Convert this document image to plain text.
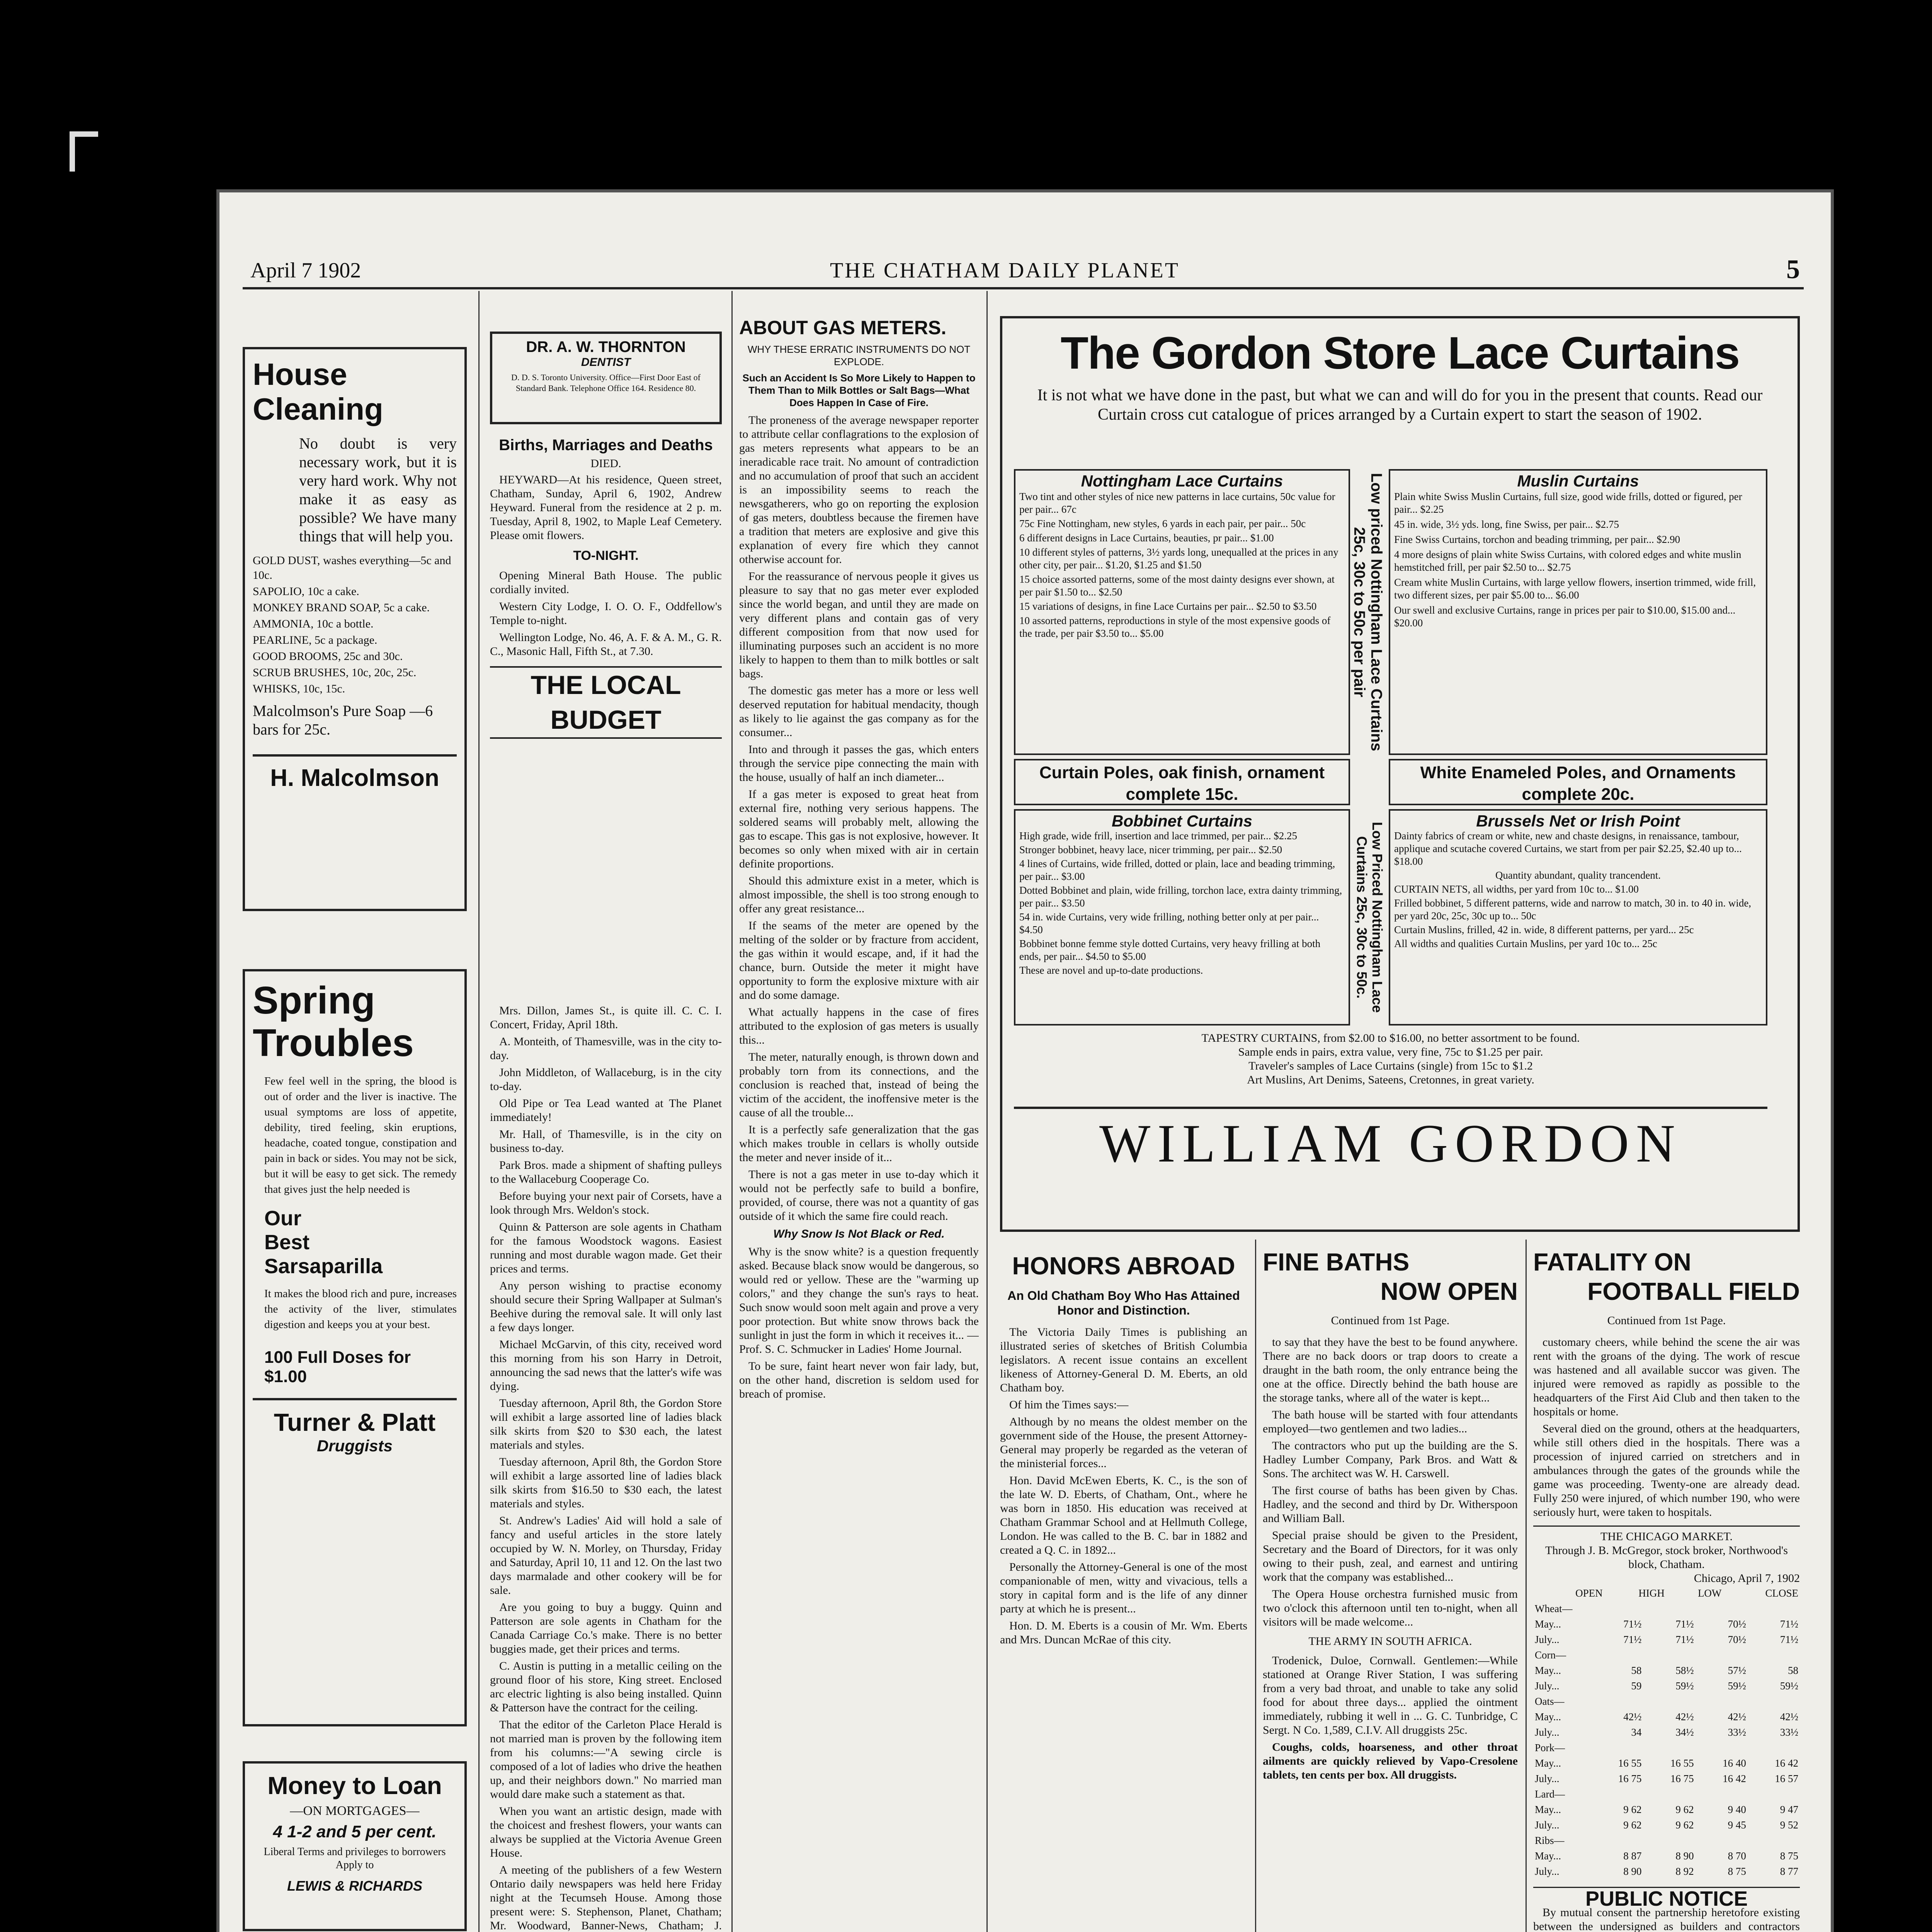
April 7 1902	THE CHATHAM DAILY PLANET	5
House
Cleaning
No doubt is very necessary work, but it is very hard work. Why not make it as easy as possible? We have many things that will help you.
GOLD DUST, washes everything—5c and 10c.
SAPOLIO, 10c a cake.
MONKEY BRAND SOAP, 5c a cake.
AMMONIA, 10c a bottle.
PEARLINE, 5c a package.
GOOD BROOMS, 25c and 30c.
SCRUB BRUSHES, 10c, 20c, 25c.
WHISKS, 10c, 15c.
Malcolmson's Pure Soap —6 bars for 25c.
H. Malcolmson
Spring
Troubles
Few feel well in the spring, the blood is out of order and the liver is inactive. The usual symptoms are loss of appetite, debility, tired feeling, skin eruptions, headache, coated tongue, constipation and pain in back or sides. You may not be sick, but it will be easy to get sick. The remedy that gives just the help needed is
Our
Best
Sarsaparilla
It makes the blood rich and pure, increases the activity of the liver, stimulates digestion and keeps you at your best.
100 Full Doses for $1.00
Turner & Platt
Druggists
Money to Loan
—ON MORTGAGES—
4 1-2 and 5 per cent.
Liberal Terms and privileges to borrowers Apply to
LEWIS & RICHARDS
DR. A. W. THORNTON
DENTIST
D. D. S. Toronto University. Office—First Door East of Standard Bank. Telephone Office 164. Residence 80.
Births, Marriages and Deaths
DIED.

HEYWARD—At his residence, Queen street, Chatham, Sunday, April 6, 1902, Andrew Heyward. Funeral from the residence at 2 p. m. Tuesday, April 8, 1902, to Maple Leaf Cemetery. Please omit flowers.

TO-NIGHT.

Opening Mineral Bath House. The public cordially invited.

Western City Lodge, I. O. O. F., Oddfellow's Temple to-night.

Wellington Lodge, No. 46, A. F. & A. M., G. R. C., Masonic Hall, Fifth St., at 7.30.

THE LOCAL BUDGET

Mrs. Dillon, James St., is quite ill. C. C. I. Concert, Friday, April 18th.

A. Monteith, of Thamesville, was in the city to-day.

John Middleton, of Wallaceburg, is in the city to-day.

Old Pipe or Tea Lead wanted at The Planet immediately!

Mr. Hall, of Thamesville, is in the city on business to-day.

Park Bros. made a shipment of shafting pulleys to the Wallaceburg Cooperage Co.

Before buying your next pair of Corsets, have a look through Mrs. Weldon's stock.

Quinn & Patterson are sole agents in Chatham for the famous Woodstock wagons. Easiest running and most durable wagon made. Get their prices and terms.

Any person wishing to practise economy should secure their Spring Wallpaper at Sulman's Beehive during the removal sale. It will only last a few days longer.

Michael McGarvin, of this city, received word this morning from his son Harry in Detroit, announcing the sad news that the latter's wife was dying.

Tuesday afternoon, April 8th, the Gordon Store will exhibit a large assorted line of ladies black silk skirts from $20 to $30 each, the latest materials and styles.

Tuesday afternoon, April 8th, the Gordon Store will exhibit a large assorted line of ladies black silk skirts from $16.50 to $30 each, the latest materials and styles.

St. Andrew's Ladies' Aid will hold a sale of fancy and useful articles in the store lately occupied by W. N. Morley, on Thursday, Friday and Saturday, April 10, 11 and 12. On the last two days marmalade and other cookery will be for sale.

Are you going to buy a buggy. Quinn and Patterson are sole agents in Chatham for the Canada Carriage Co.'s make. There is no better buggies made, get their prices and terms.

C. Austin is putting in a metallic ceiling on the ground floor of his store, King street. Enclosed arc electric lighting is also being installed. Quinn & Patterson have the contract for the ceiling.

That the editor of the Carleton Place Herald is not married man is proven by the following item from his columns:—"A sewing circle is composed of a lot of ladies who drive the heathen up, and their neighbors down." No married man would dare make such a statement as that.

When you want an artistic design, made with the choicest and freshest flowers, your wants can always be supplied at the Victoria Avenue Green House.

A meeting of the publishers of a few Western Ontario daily newspapers was held here Friday night at the Tecumseh House. Among those present were: S. Stephenson, Planet, Chatham; Mr. Woodward, Banner-News, Chatham; J.

ABOUT GAS METERS.
WHY THESE ERRATIC INSTRUMENTS DO NOT EXPLODE.
Such an Accident Is So More Likely to Happen to Them Than to Milk Bottles or Salt Bags—What Does Happen In Case of Fire.

The proneness of the average newspaper reporter to attribute cellar conflagrations to the explosion of gas meters represents what appears to be an ineradicable race trait. No amount of contradiction and no accumulation of proof that such an accident is an impossibility seems to reach the newsgatherers, who go on reporting the explosion of gas meters, doubtless because the firemen have a tradition that meters are explosive and give this explanation of every fire which they cannot otherwise account for.

For the reassurance of nervous people it gives us pleasure to say that no gas meter ever exploded since the world began, and until they are made on very different plans and contain gas of very different composition from that now used for illuminating purposes such an accident is no more likely to happen to them than to milk bottles or salt bags.

The domestic gas meter has a more or less well deserved reputation for habitual mendacity, though as likely to lie against the gas company as for the consumer...

Into and through it passes the gas, which enters through the service pipe connecting the main with the house, usually of half an inch diameter...

If a gas meter is exposed to great heat from external fire, nothing very serious happens. The soldered seams will probably melt, allowing the gas to escape. This gas is not explosive, however. It becomes so only when mixed with air in certain definite proportions.

Should this admixture exist in a meter, which is almost impossible, the shell is too strong enough to offer any great resistance...

If the seams of the meter are opened by the melting of the solder or by fracture from accident, the gas within it would escape, and, if it had the chance, burn. Outside the meter it might have opportunity to form the explosive mixture with air and do some damage.

What actually happens in the case of fires attributed to the explosion of gas meters is usually this...

The meter, naturally enough, is thrown down and probably torn from its connections, and the conclusion is reached that, instead of being the victim of the accident, the inoffensive meter is the cause of all the trouble...

It is a perfectly safe generalization that the gas which makes trouble in cellars is wholly outside the meter and never inside of it...

There is not a gas meter in use to-day which it would not be perfectly safe to build a bonfire, provided, of course, there was not a quantity of gas outside of it which the same fire could reach.

Why Snow Is Not Black or Red.

Why is the snow white? is a question frequently asked. Because black snow would be dangerous, so would red or yellow. These are the "warming up colors," and they change the sun's rays to heat. Such snow would soon melt again and prove a very poor protection. But white snow throws back the sunlight in just the form in which it receives it... —Prof. S. C. Schmucker in Ladies' Home Journal.

To be sure, faint heart never won fair lady, but, on the other hand, discretion is seldom used for breach of promise.

The Gordon Store Lace Curtains
It is not what we have done in the past, but what we can and will do for you in the present that counts. Read our Curtain cross cut catalogue of prices arranged by a Curtain expert to start the season of 1902.
Nottingham Lace Curtains

Two tint and other styles of nice new patterns in lace curtains, 50c value for per pair... 67c

75c Fine Nottingham, new styles, 6 yards in each pair, per pair... 50c

6 different designs in Lace Curtains, beauties, pr pair... $1.00

10 different styles of patterns, 3½ yards long, unequalled at the prices in any other city, per pair... $1.20, $1.25 and $1.50

15 choice assorted patterns, some of the most dainty designs ever shown, at per pair $1.50 to... $2.50

15 variations of designs, in fine Lace Curtains per pair... $2.50 to $3.50

10 assorted patterns, reproductions in style of the most expensive goods of the trade, per pair $3.50 to... $5.00	Low priced Nottingham Lace Curtains 25c, 30c to 50c per pair
Muslin Curtains

Plain white Swiss Muslin Curtains, full size, good wide frills, dotted or figured, per pair... $2.25

45 in. wide, 3½ yds. long, fine Swiss, per pair... $2.75

Fine Swiss Curtains, torchon and beading trimming, per pair... $2.90

4 more designs of plain white Swiss Curtains, with colored edges and white muslin hemstitched frill, per pair $2.50 to... $2.75

Cream white Muslin Curtains, with large yellow flowers, insertion trimmed, wide frill, two different sizes, per pair $5.00 to... $6.00

Our swell and exclusive Curtains, range in prices per pair to $10.00, $15.00 and... $20.00

Curtain Poles, oak finish, ornament complete 15c.
White Enameled Poles, and Ornaments complete 20c.
Bobbinet Curtains

High grade, wide frill, insertion and lace trimmed, per pair... $2.25

Stronger bobbinet, heavy lace, nicer trimming, per pair... $2.50

4 lines of Curtains, wide frilled, dotted or plain, lace and beading trimming, per pair... $3.00

Dotted Bobbinet and plain, wide frilling, torchon lace, extra dainty trimming, per pair... $3.50

54 in. wide Curtains, very wide frilling, nothing better only at per pair... $4.50

Bobbinet bonne femme style dotted Curtains, very heavy frilling at both ends, per pair... $4.50 to $5.00

These are novel and up-to-date productions.	Low Priced Nottingham Lace Curtains 25c, 30c to 50c.
Brussels Net or Irish Point

Dainty fabrics of cream or white, new and chaste designs, in renaissance, tambour, applique and scutache covered Curtains, we start from per pair $2.25, $2.40 up to... $18.00

Quantity abundant, quality trancendent.

CURTAIN NETS, all widths, per yard from 10c to... $1.00

Frilled bobbinet, 5 different patterns, wide and narrow to match, 30 in. to 40 in. wide, per yard 20c, 25c, 30c up to... 50c

Curtain Muslins, frilled, 42 in. wide, 8 different patterns, per yard... 25c

All widths and qualities Curtain Muslins, per yard 10c to... 25c

TAPESTRY CURTAINS, from $2.00 to $16.00, no better assortment to be found.
Sample ends in pairs, extra value, very fine, 75c to $1.25 per pair.
Traveler's samples of Lace Curtains (single) from 15c to $1.2
Art Muslins, Art Denims, Sateens, Cretonnes, in great variety.
WILLIAM GORDON
HONORS ABROAD
An Old Chatham Boy Who Has Attained Honor and Distinction.

The Victoria Daily Times is publishing an illustrated series of sketches of British Columbia legislators. A recent issue contains an excellent likeness of Attorney-General D. M. Eberts, an old Chatham boy.

Of him the Times says:—

Although by no means the oldest member on the government side of the House, the present Attorney-General may properly be regarded as the veteran of the ministerial forces...

Hon. David McEwen Eberts, K. C., is the son of the late W. D. Eberts, of Chatham, Ont., where he was born in 1850. His education was received at Chatham Grammar School and at Hellmuth College, London. He was called to the B. C. bar in 1882 and created a Q. C. in 1892...

Personally the Attorney-General is one of the most companionable of men, witty and vivacious, tells a story in capital form and is the life of any dinner party at which he is present...

Hon. D. M. Eberts is a cousin of Mr. Wm. Eberts and Mrs. Duncan McRae of this city.

FINE BATHS
NOW OPEN
Continued from 1st Page.

to say that they have the best to be found anywhere. There are no back doors or trap doors to create a draught in the bath room, the only entrance being the one at the office. Directly behind the bath house are the storage tanks, where all of the water is kept...

The bath house will be started with four attendants employed—two gentlemen and two ladies...

The contractors who put up the building are the S. Hadley Lumber Company, Park Bros. and Watt & Sons. The architect was W. H. Carswell.

The first course of baths has been given by Chas. Hadley, and the second and third by Dr. Witherspoon and William Ball.

Special praise should be given to the President, Secretary and the Board of Directors, for it was only owing to their push, zeal, and earnest and untiring work that the company was established...

The Opera House orchestra furnished music from two o'clock this afternoon until ten to-night, when all visitors will be made welcome...

THE ARMY IN SOUTH AFRICA.

Trodenick, Duloe, Cornwall. Gentlemen:—While stationed at Orange River Station, I was suffering from a very bad throat, and unable to take any solid food for about three days... applied the ointment immediately, rubbing it well in ... G. C. Tunbridge, C Sergt. N Co. 1,589, C.I.V. All druggists 25c.

Coughs, colds, hoarseness, and other throat ailments are quickly relieved by Vapo-Cresolene tablets, ten cents per box. All druggists.

FATALITY ON
FOOTBALL FIELD
Continued from 1st Page.

customary cheers, while behind the scene the air was rent with the groans of the dying. The work of rescue was hastened and all available succor was given. The injured were removed as rapidly as possible to the headquarters of the First Aid Club and then taken to the hospitals or home.

Several died on the ground, others at the headquarters, while still others died in the hospitals. There was a procession of injured carried on stretchers and in ambulances through the gates of the grounds while the game was proceeding. Twenty-one are already dead. Fully 250 were injured, of which number 190, who were seriously hurt, were taken to hospitals.

THE CHICAGO MARKET.
Through J. B. McGregor, stock broker, Northwood's block, Chatham.
Chicago, April 7, 1902
	OPEN	HIGH	LOW	CLOSE
Wheat—				
May...	71½	71½	70½	71½
July...	71½	71½	70½	71½
Corn—				
May...	58	58½	57½	58
July...	59	59½	59½	59½
Oats—				
May...	42½	42½	42½	42½
July...	34	34½	33½	33½
Pork—				
May...	16 55	16 55	16 40	16 42
July...	16 75	16 75	16 42	16 57
Lard—				
May...	9 62	9 62	9 40	9 47
July...	9 62	9 62	9 45	9 52
Ribs—				
May...	8 87	8 90	8 70	8 75
July...	8 90	8 92	8 75	8 77
PUBLIC NOTICE

By mutual consent the partnership heretofore existing between the undersigned as builders and contractors
